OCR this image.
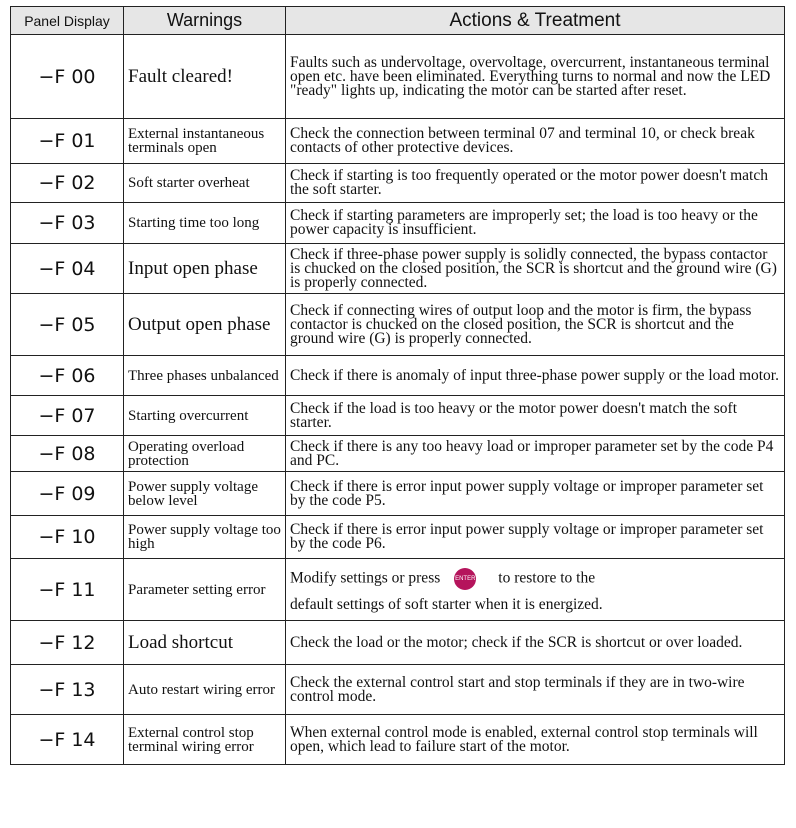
Panel Display	Warnings	Actions & Treatment
−F 00	Fault cleared!	Faults such as undervoltage, overvoltage, overcurrent, instantaneous terminal open etc. have been eliminated. Everything turns to normal and now the LED "ready" lights up, indicating the motor can be started after reset.
−F 01	External instantaneous terminals open	Check the connection between terminal 07 and terminal 10, or check break contacts of other protective devices.
−F 02	Soft starter overheat	Check if starting is too frequently operated or the motor power doesn't match the soft starter.
−F 03	Starting time too long	Check if starting parameters are improperly set; the load is too heavy or the power capacity is insufficient.
−F 04	Input open phase	Check if three-phase power supply is solidly connected, the bypass contactor is chucked on the closed position, the SCR is shortcut and the ground wire (G) is properly connected.
−F 05	Output open phase	Check if connecting wires of output loop and the motor is firm, the bypass contactor is chucked on the closed position, the SCR is shortcut and the ground wire (G) is properly connected.
−F 06	Three phases unbalanced	Check if there is anomaly of input three-phase power supply or the load motor.
−F 07	Starting overcurrent	Check if the load is too heavy or the motor power doesn't match the soft starter.
−F 08	Operating overload protection	Check if there is any too heavy load or improper parameter set by the code P4 and PC.
−F 09	Power supply voltage below level	Check if there is error input power supply voltage or improper parameter set by the code P5.
−F 10	Power supply voltage too high	Check if there is error input power supply voltage or improper parameter set by the code P6.
−F 11	Parameter setting error	Modify settings or press ENTER to restore to the
default settings of soft starter when it is energized.
−F 12	Load shortcut	Check the load or the motor; check if the SCR is shortcut or over loaded.
−F 13	Auto restart wiring error	Check the external control start and stop terminals if they are in two-wire control mode.
−F 14	External control stop terminal wiring error	When external control mode is enabled, external control stop terminals will open, which lead to failure start of the motor.
